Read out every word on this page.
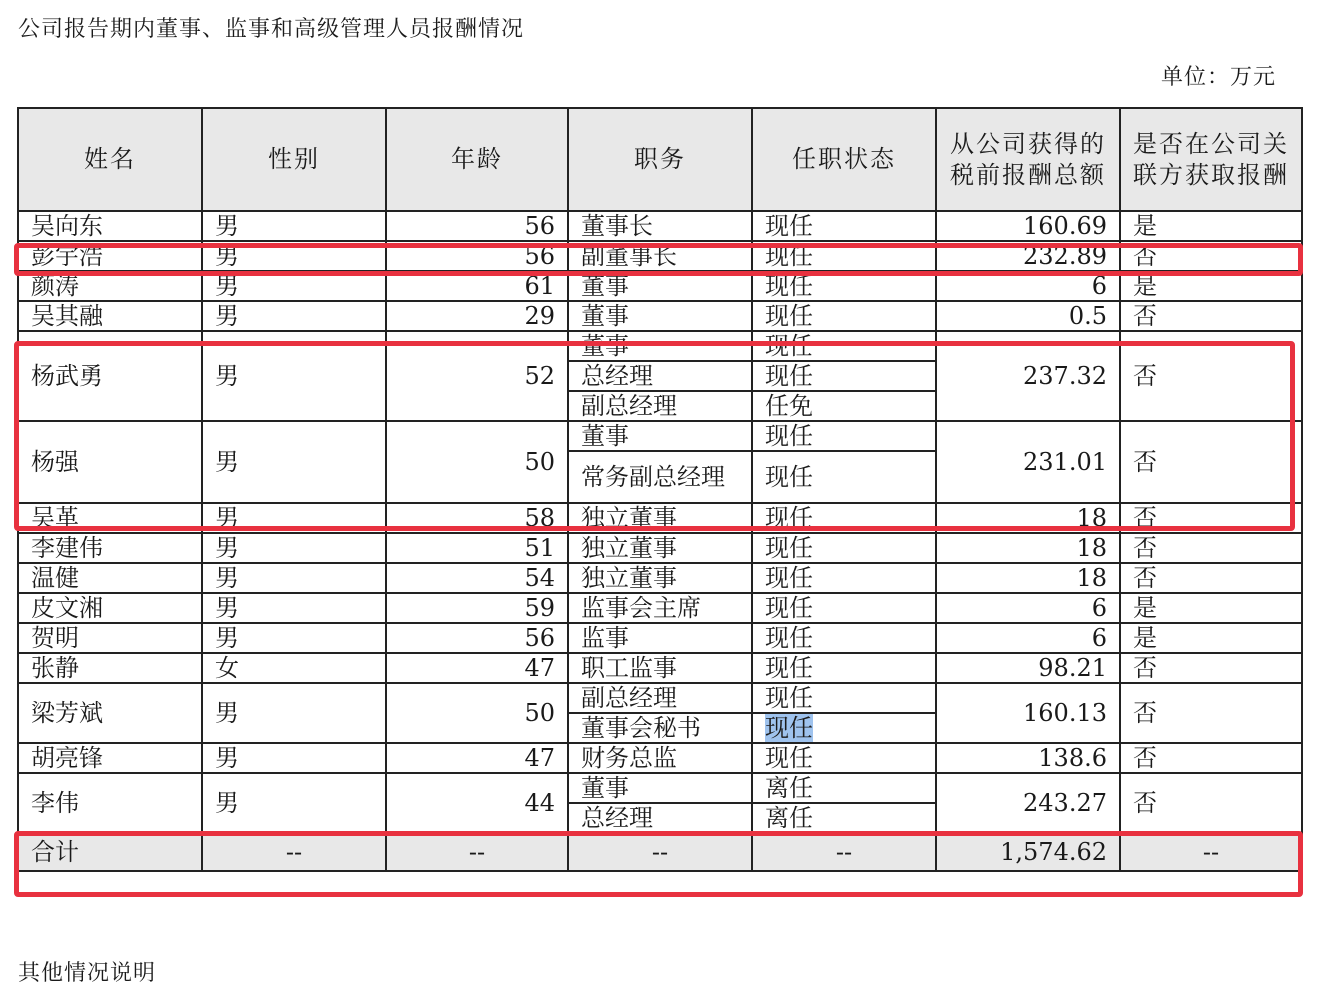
公司报告期内董事、监事和高级管理人员报酬情况
单位：万元
姓名	性别	年龄	职务	任职状态	从公司获得的税前报酬总额	是否在公司关联方获取报酬
吴向东	男	56	董事长	现任	160.69	是
彭宇浩	男	56	副董事长	现任	232.89	否
颜涛	男	61	董事	现任	6	是
吴其融	男	29	董事	现任	0.5	否
杨武勇	男	52	董事	现任	237.32	否
			总经理	现任		
			副总经理	任免		
杨强	男	50	董事	现任	231.01	否
			常务副总经理	现任		
吴革	男	58	独立董事	现任	18	否
李建伟	男	51	独立董事	现任	18	否
温健	男	54	独立董事	现任	18	否
皮文湘	男	59	监事会主席	现任	6	是
贺明	男	56	监事	现任	6	是
张静	女	47	职工监事	现任	98.21	否
梁芳斌	男	50	副总经理	现任	160.13	否
			董事会秘书	现任		
胡亮锋	男	47	财务总监	现任	138.6	否
李伟	男	44	董事	离任	243.27	否
			总经理	离任		
合计	--	--	--	--	1,574.62	--
其他情况说明
